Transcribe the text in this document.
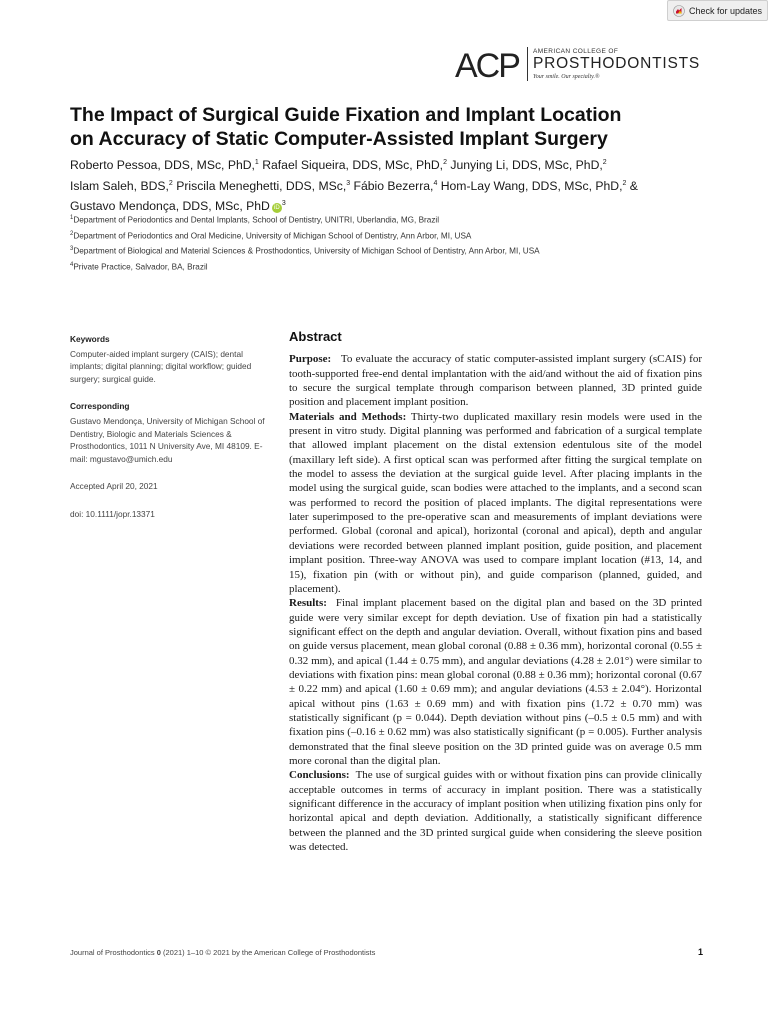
Check for updates
ACP AMERICAN COLLEGE OF
PROSTHODONTISTS
Your smile. Our specialty.®
The Impact of Surgical Guide Fixation and Implant Location
on Accuracy of Static Computer-Assisted Implant Surgery
Roberto Pessoa, DDS, MSc, PhD,$^1$ Rafael Siqueira, DDS, MSc, PhD,$^2$ Junying Li, DDS, MSc, PhD,$^2$
Islam Saleh, BDS,$^2$ Priscila Meneghetti, DDS, MSc,$^3$ Fábio Bezerra,$^4$ Hom-Lay Wang, DDS, MSc, PhD,$^2$ &
Gustavo Mendonça, DDS, MSc, PhD $iD^3$
$^1$Department of Periodontics and Dental Implants, School of Dentistry, UNITRI, Uberlandia, MG, Brazil
$^2$Department of Periodontics and Oral Medicine, University of Michigan School of Dentistry, Ann Arbor, MI, USA
$^3$Department of Biological and Material Sciences & Prosthodontics, University of Michigan School of Dentistry, Ann Arbor, MI, USA
$^4$Private Practice, Salvador, BA, Brazil
Keywords

Computer-aided implant surgery (CAIS); dental implants; digital planning; digital workflow; guided surgery; surgical guide.

Corresponding

Gustavo Mendonça, University of Michigan School of Dentistry, Biologic and Materials Sciences & Prosthodontics, 1011 N University Ave, MI 48109. E-mail: mgustavo@umich.edu

Accepted April 20, 2021

doi: 10.1111/jopr.13371

Abstract

Purpose: To evaluate the accuracy of static computer-assisted implant surgery (sCAIS) for tooth-supported free-end dental implantation with the aid/and without the aid of fixation pins to secure the surgical template through comparison between planned, 3D printed guide position and placement implant position.

Materials and Methods: Thirty-two duplicated maxillary resin models were used in the present in vitro study. Digital planning was performed and fabrication of a surgical template that allowed implant placement on the distal extension edentulous site of the model (maxillary left side). A first optical scan was performed after fitting the surgical template on the model to assess the deviation at the surgical guide level. After placing implants in the model using the surgical guide, scan bodies were attached to the implants, and a second scan was performed to record the position of placed implants. The digital representations were later superimposed to the pre-operative scan and measurements of implant deviations were performed. Global (coronal and apical), horizontal (coronal and apical), depth and angular deviations were recorded between planned implant position, guide position, and placement implant position. Three-way ANOVA was used to compare implant location (#13, 14, and 15), fixation pin (with or without pin), and guide comparison (planned, guided, and placement).

Results: Final implant placement based on the digital plan and based on the 3D printed guide were very similar except for depth deviation. Use of fixation pin had a statistically significant effect on the depth and angular deviation. Overall, without fixation pins and based on guide versus placement, mean global coronal (0.88 ± 0.36 mm), horizontal coronal (0.55 ± 0.32 mm), and apical (1.44 ± 0.75 mm), and angular deviations (4.28 ± 2.01°) were similar to deviations with fixation pins: mean global coronal (0.88 ± 0.36 mm); horizontal coronal (0.67 ± 0.22 mm) and apical (1.60 ± 0.69 mm); and angular deviations (4.53 ± 2.04°). Horizontal apical without pins (1.63 ± 0.69 mm) and with fixation pins (1.72 ± 0.70 mm) was statistically significant (p = 0.044). Depth deviation without pins (–0.5 ± 0.5 mm) and with fixation pins (–0.16 ± 0.62 mm) was also statistically significant (p = 0.005). Further analysis demonstrated that the final sleeve position on the 3D printed guide was on average 0.5 mm more coronal than the digital plan.

Conclusions: The use of surgical guides with or without fixation pins can provide clinically acceptable outcomes in terms of accuracy in implant position. There was a statistically significant difference in the accuracy of implant position when utilizing fixation pins only for horizontal apical and depth deviation. Additionally, a statistically significant difference between the planned and the 3D printed surgical guide when considering the sleeve position was detected.

Journal of Prosthodontics 0 (2021) 1–10 © 2021 by the American College of Prosthodontists	1
